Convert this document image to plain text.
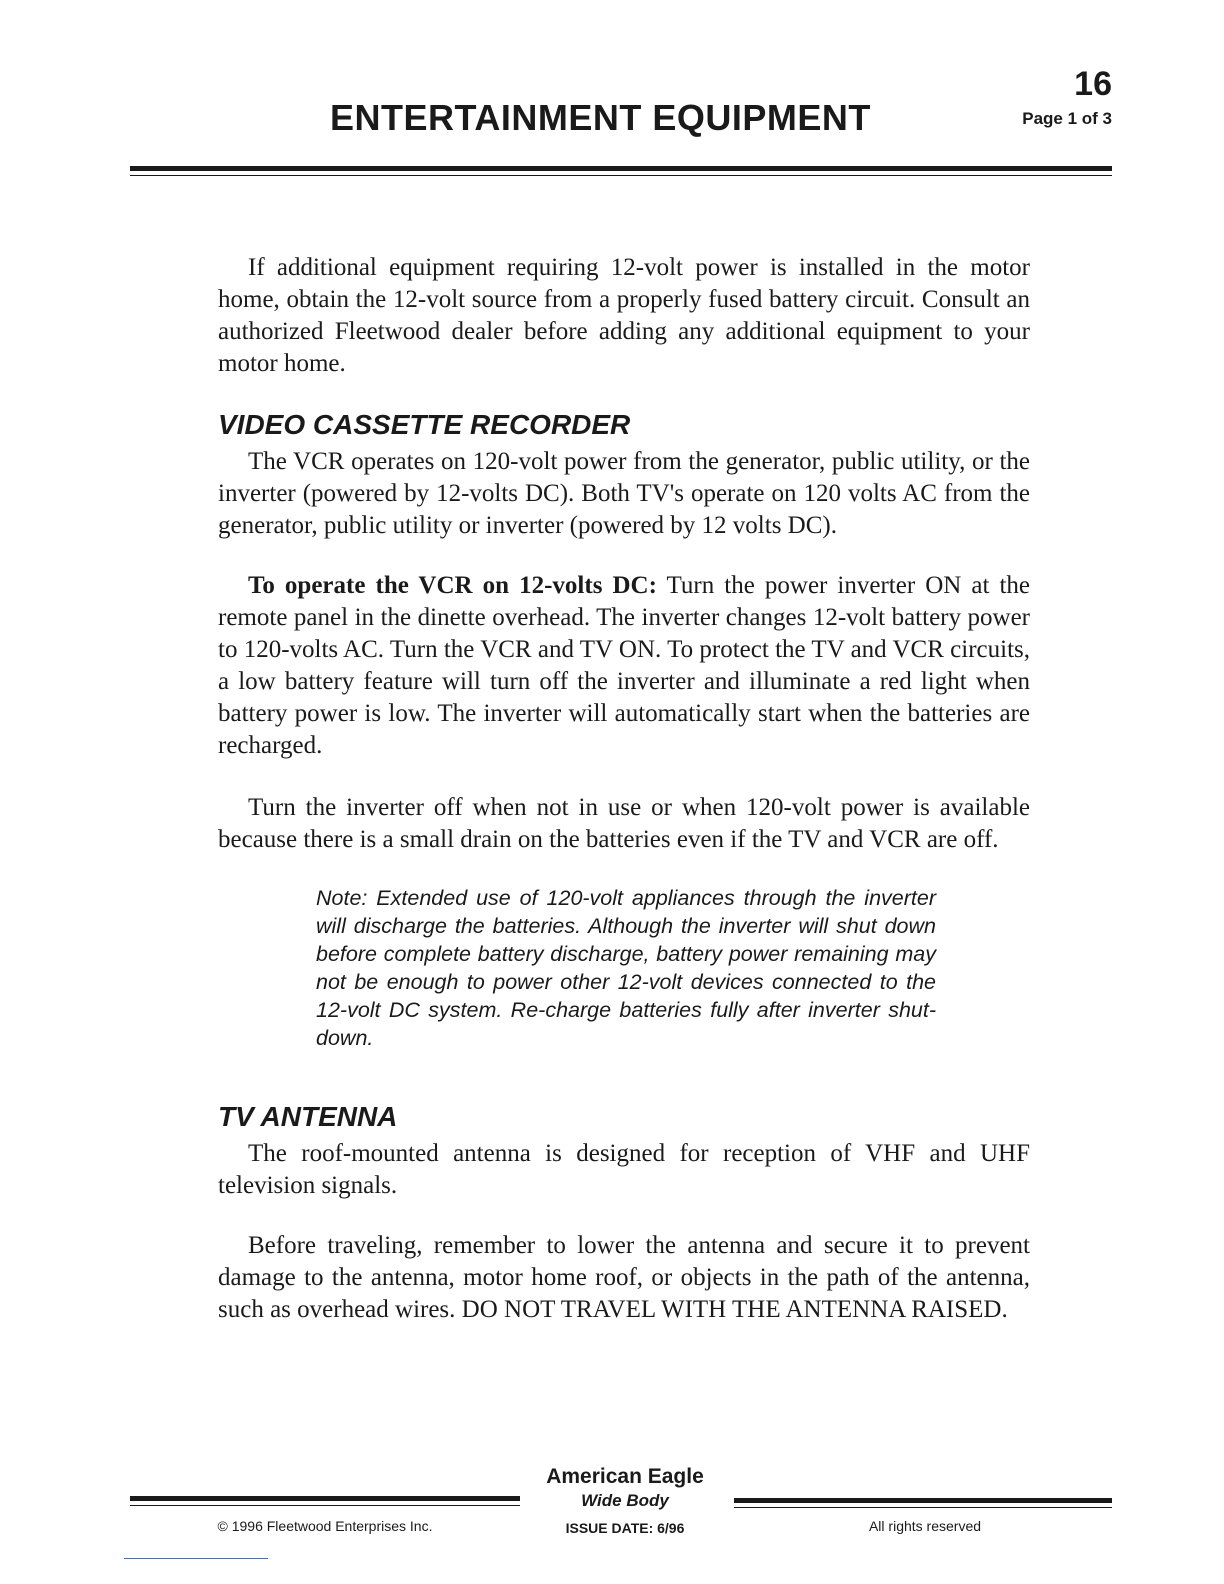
16
ENTERTAINMENT EQUIPMENT	Page 1 of 3

If additional equipment requiring 12-volt power is installed in the motor home, obtain the 12-volt source from a properly fused battery circuit. Consult an authorized Fleetwood dealer before adding any additional equipment to your motor home.

VIDEO CASSETTE RECORDER

The VCR operates on 120-volt power from the generator, public utility, or the inverter (powered by 12-volts DC). Both TV's operate on 120 volts AC from the generator, public utility or inverter (powered by 12 volts DC).

To operate the VCR on 12-volts DC: Turn the power inverter ON at the remote panel in the dinette overhead. The inverter changes 12-volt battery power to 120-volts AC. Turn the VCR and TV ON. To protect the TV and VCR circuits, a low battery feature will turn off the inverter and illuminate a red light when battery power is low. The inverter will automatically start when the batteries are recharged.

Turn the inverter off when not in use or when 120-volt power is available because there is a small drain on the batteries even if the TV and VCR are off.

Note: Extended use of 120-volt appliances through the inverter will discharge the batteries. Although the inverter will shut down before complete battery discharge, battery power remaining may not be enough to power other 12-volt devices connected to the 12-volt DC system. Re-charge batteries fully after inverter shut-down.
TV ANTENNA

The roof-mounted antenna is designed for reception of VHF and UHF television signals.

Before traveling, remember to lower the antenna and secure it to prevent damage to the antenna, motor home roof, or objects in the path of the antenna, such as overhead wires. DO NOT TRAVEL WITH THE ANTENNA RAISED.

American Eagle
Wide Body
ISSUE DATE: 6/96
© 1996 Fleetwood Enterprises Inc.	All rights reserved
